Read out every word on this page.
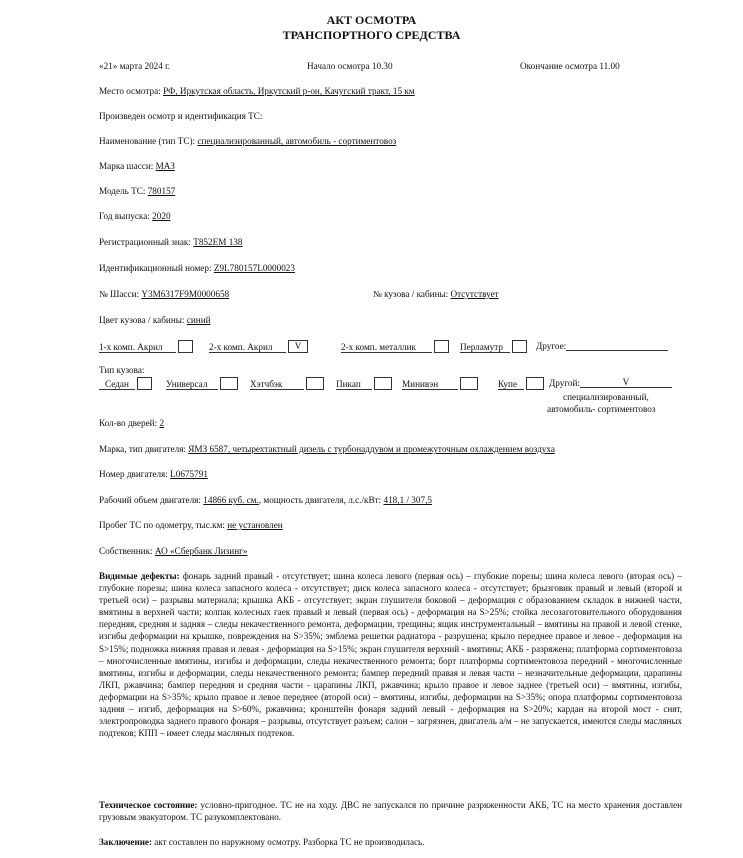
АКТ ОСМОТРА
ТРАНСПОРТНОГО СРЕДСТВА
«21» марта 2024 г.	Начало осмотра 10.30	Окончание осмотра 11.00
Место осмотра: РФ, Иркутская область, Иркутский р-он, Качугский тракт, 15 км
Произведен осмотр и идентификация ТС:
Наименование (тип ТС): специализированный, автомобиль - сортиментовоз
Марка шасси: МАЗ
Модель ТС: 780157
Год выпуска: 2020
Регистрационный знак: Т852ЕМ 138
Идентификационный номер: Z9L780157L0000023
№ Шасси: Y3M6317F9M0000658	№ кузова / кабины: Отсутствует
Цвет кузова / кабины: синий
1-х комп. Акрил	2-х комп. Акрил V	2-х комп. металлик	Перламутр	Другое:
Тип кузова:
Седан	Универсал	Хэтчбэк	Пикап	Минивэн	Купе	Другой:	V
специализированный,
автомобиль- сортиментовоз
Кол-во дверей: 2
Марка, тип двигателя: ЯМЗ 6587, четырехтактный дизель с турбонаддувом и промежуточным охлаждением воздуха
Номер двигателя: L0675791
Рабочий объем двигателя: 14866 куб. см., мощность двигателя, л.с./кВт: 418,1 / 307,5
Пробег ТС по одометру, тыс.км: не установлен
Собственник: АО «Сбербанк Лизинг»
Видимые дефекты: фонарь задний правый - отсутствует; шина колеса левого (первая ось) – глубокие порезы; шина колеса левого (вторая ось) – глубокие порезы; шина колеса запасного колеса - отсутствует; диск колеса запасного колеса - отсутствует; брызговик правый и левый (второй и третьей оси) – разрывы материала; крышка АКБ - отсутствует; экран глушителя боковой – деформация с образованием складок в нижней части, вмятины в верхней части; колпак колесных гаек правый и левый (первая ось) - деформация на S>25%; стойка лесозаготовительного оборудования передняя, средняя и задняя – следы некачественного ремонта, деформации, трещины; ящик инструментальный – вмятины на правой и левой стенке, изгибы деформации на крышке, повреждения на S>35%; эмблема решетки радиатора - разрушена; крыло переднее правое и левое - деформация на S>15%; подножка нижняя правая и левая - деформация на S>15%; экран глушителя верхний - вмятины; АКБ - разряжена; платформа сортиментовоза – многочисленные вмятины, изгибы и деформации, следы некачественного ремонта; борт платформы сортиментовоза передний - многочисленные вмятины, изгибы и деформации, следы некачественного ремонта; бампер передний правая и левая части – незначительные деформации, царапины ЛКП, ржавчина; бампер передняя и средняя части - царапины ЛКП, ржавчина; крыло правое и левое заднее (третьей оси) – вмятины, изгибы, деформации на S>35%; крыло правое и левое переднее (второй оси) – вмятины, изгибы, деформации на S>35%; опора платформы сортиментовоза задняя – изгиб, деформация на S>60%, ржавчина; кронштейн фонаря задний левый - деформация на S>20%; кардан на второй мост - снят, электропроводка заднего правого фонаря – разрывы, отсутствует разъем; салон – загрязнен, двигатель а/м – не запускается, имеются следы масляных подтеков; КПП – имеет следы масляных подтеков.
Техническое состояние: условно-пригодное. ТС не на ходу. ДВС не запускался по причине разряженности АКБ, ТС на место хранения доставлен грузовым эвакуатором. ТС разукомплектовано.
Заключение: акт составлен по наружному осмотру. Разборка ТС не производилась.
